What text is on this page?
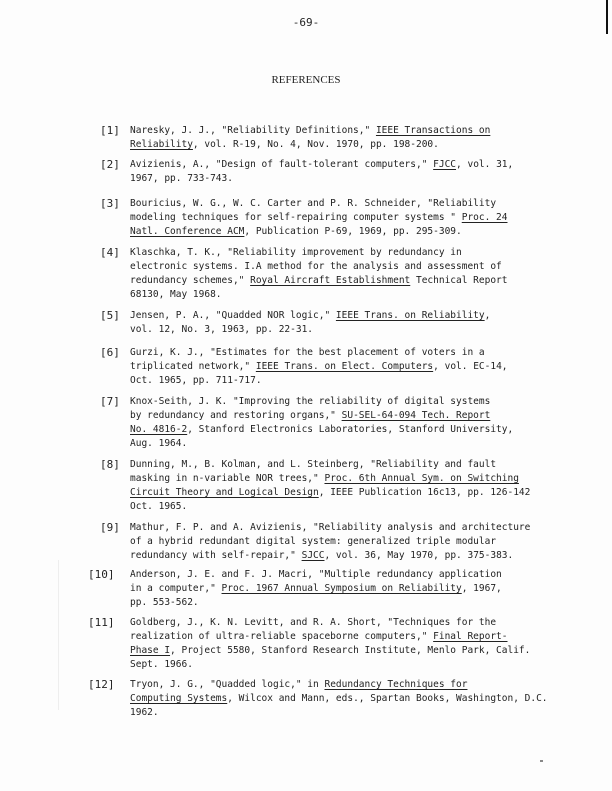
-69-
REFERENCES
[1] Naresky, J. J., "Reliability Definitions," IEEE Transactions on
Reliability, vol. R-19, No. 4, Nov. 1970, pp. 198-200.
[2] Avizienis, A., "Design of fault-tolerant computers," FJCC, vol. 31,
1967, pp. 733-743.
[3] Bouricius, W. G., W. C. Carter and P. R. Schneider, "Reliability
modeling techniques for self-repairing computer systems " Proc. 24
Natl. Conference ACM, Publication P-69, 1969, pp. 295-309.
[4] Klaschka, T. K., "Reliability improvement by redundancy in
electronic systems. I.A method for the analysis and assessment of
redundancy schemes," Royal Aircraft Establishment Technical Report
68130, May 1968.
[5] Jensen, P. A., "Quadded NOR logic," IEEE Trans. on Reliability,
vol. 12, No. 3, 1963, pp. 22-31.
[6] Gurzi, K. J., "Estimates for the best placement of voters in a
triplicated network," IEEE Trans. on Elect. Computers, vol. EC-14,
Oct. 1965, pp. 711-717.
[7] Knox-Seith, J. K. "Improving the reliability of digital systems
by redundancy and restoring organs," SU-SEL-64-094 Tech. Report
No. 4816-2, Stanford Electronics Laboratories, Stanford University,
Aug. 1964.
[8] Dunning, M., B. Kolman, and L. Steinberg, "Reliability and fault
masking in n-variable NOR trees," Proc. 6th Annual Sym. on Switching
Circuit Theory and Logical Design, IEEE Publication 16c13, pp. 126-142
Oct. 1965.
[9] Mathur, F. P. and A. Avizienis, "Reliability analysis and architecture
of a hybrid redundant digital system: generalized triple modular
redundancy with self-repair," SJCC, vol. 36, May 1970, pp. 375-383.
[10] Anderson, J. E. and F. J. Macri, "Multiple redundancy application
in a computer," Proc. 1967 Annual Symposium on Reliability, 1967,
pp. 553-562.
[11] Goldberg, J., K. N. Levitt, and R. A. Short, "Techniques for the
realization of ultra-reliable spaceborne computers," Final Report-
Phase I, Project 5580, Stanford Research Institute, Menlo Park, Calif.
Sept. 1966.
[12] Tryon, J. G., "Quadded logic," in Redundancy Techniques for
Computing Systems, Wilcox and Mann, eds., Spartan Books, Washington, D.C.
1962.
